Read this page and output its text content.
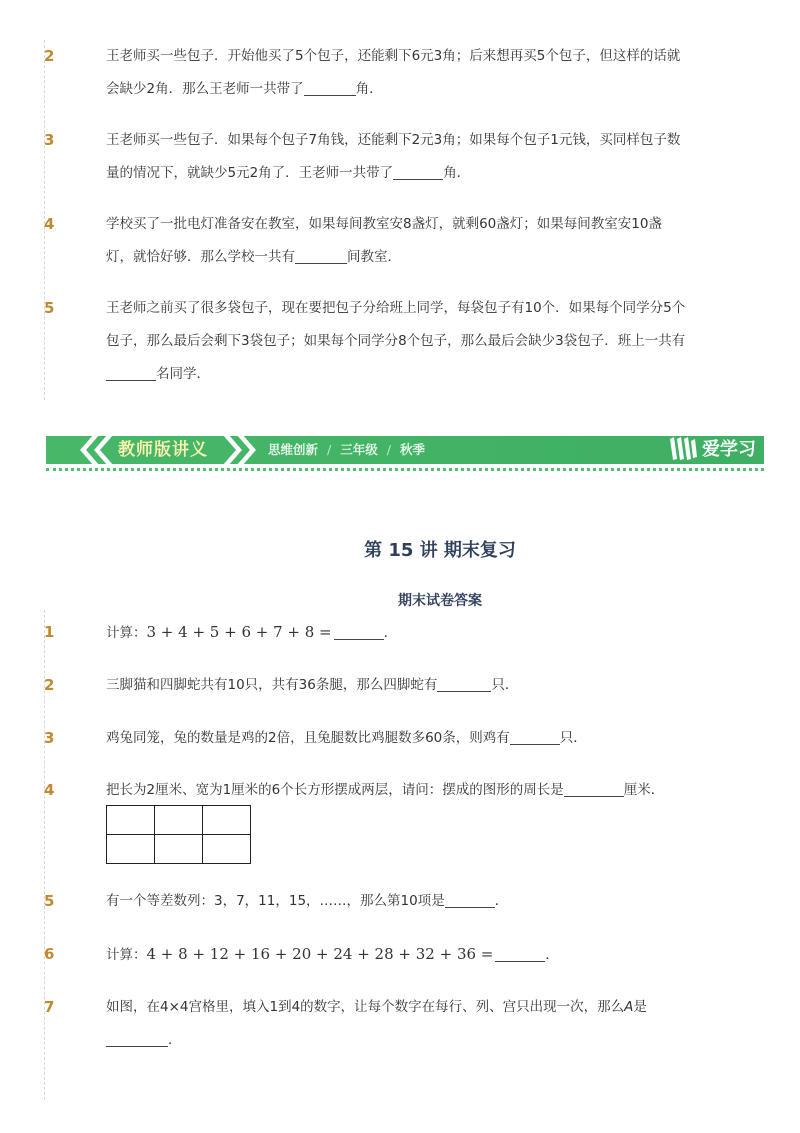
2	王老师买一些包子．开始他买了5个包子，还能剩下6元3角；后来想再买5个包子，但这样的话就
会缺少2角．那么王老师一共带了	角．
3	王老师买一些包子．如果每个包子7角钱，还能剩下2元3角；如果每个包子1元钱，买同样包子数
量的情况下，就缺少5元2角了．王老师一共带了	角．
4	学校买了一批电灯准备安在教室，如果每间教室安8盏灯，就剩60盏灯；如果每间教室安10盏
灯，就恰好够．那么学校一共有	间教室．
5	王老师之前买了很多袋包子，现在要把包子分给班上同学，每袋包子有10个．如果每个同学分5个
包子，那么最后会剩下3袋包子；如果每个同学分8个包子，那么最后会缺少3袋包子．班上一共有
名同学．
教师版讲义	思维创新 / 三年级 / 秋季	爱学习
第 15 讲 期末复习
期末试卷答案
1	计算：3 + 4 + 5 + 6 + 7 + 8 =	．
2	三脚猫和四脚蛇共有10只，共有36条腿，那么四脚蛇有	只．
3	鸡兔同笼，兔的数量是鸡的2倍，且兔腿数比鸡腿数多60条，则鸡有	只．
4	把长为2厘米、宽为1厘米的6个长方形摆成两层，请问：摆成的图形的周长是	厘米．

5	有一个等差数列：3，7，11，15，……，那么第10项是	．
6	计算：4 + 8 + 12 + 16 + 20 + 24 + 28 + 32 + 36 =	．
7	如图，在4×4宫格里，填入1到4的数字，让每个数字在每行、列、宫只出现一次，那么A是
．
